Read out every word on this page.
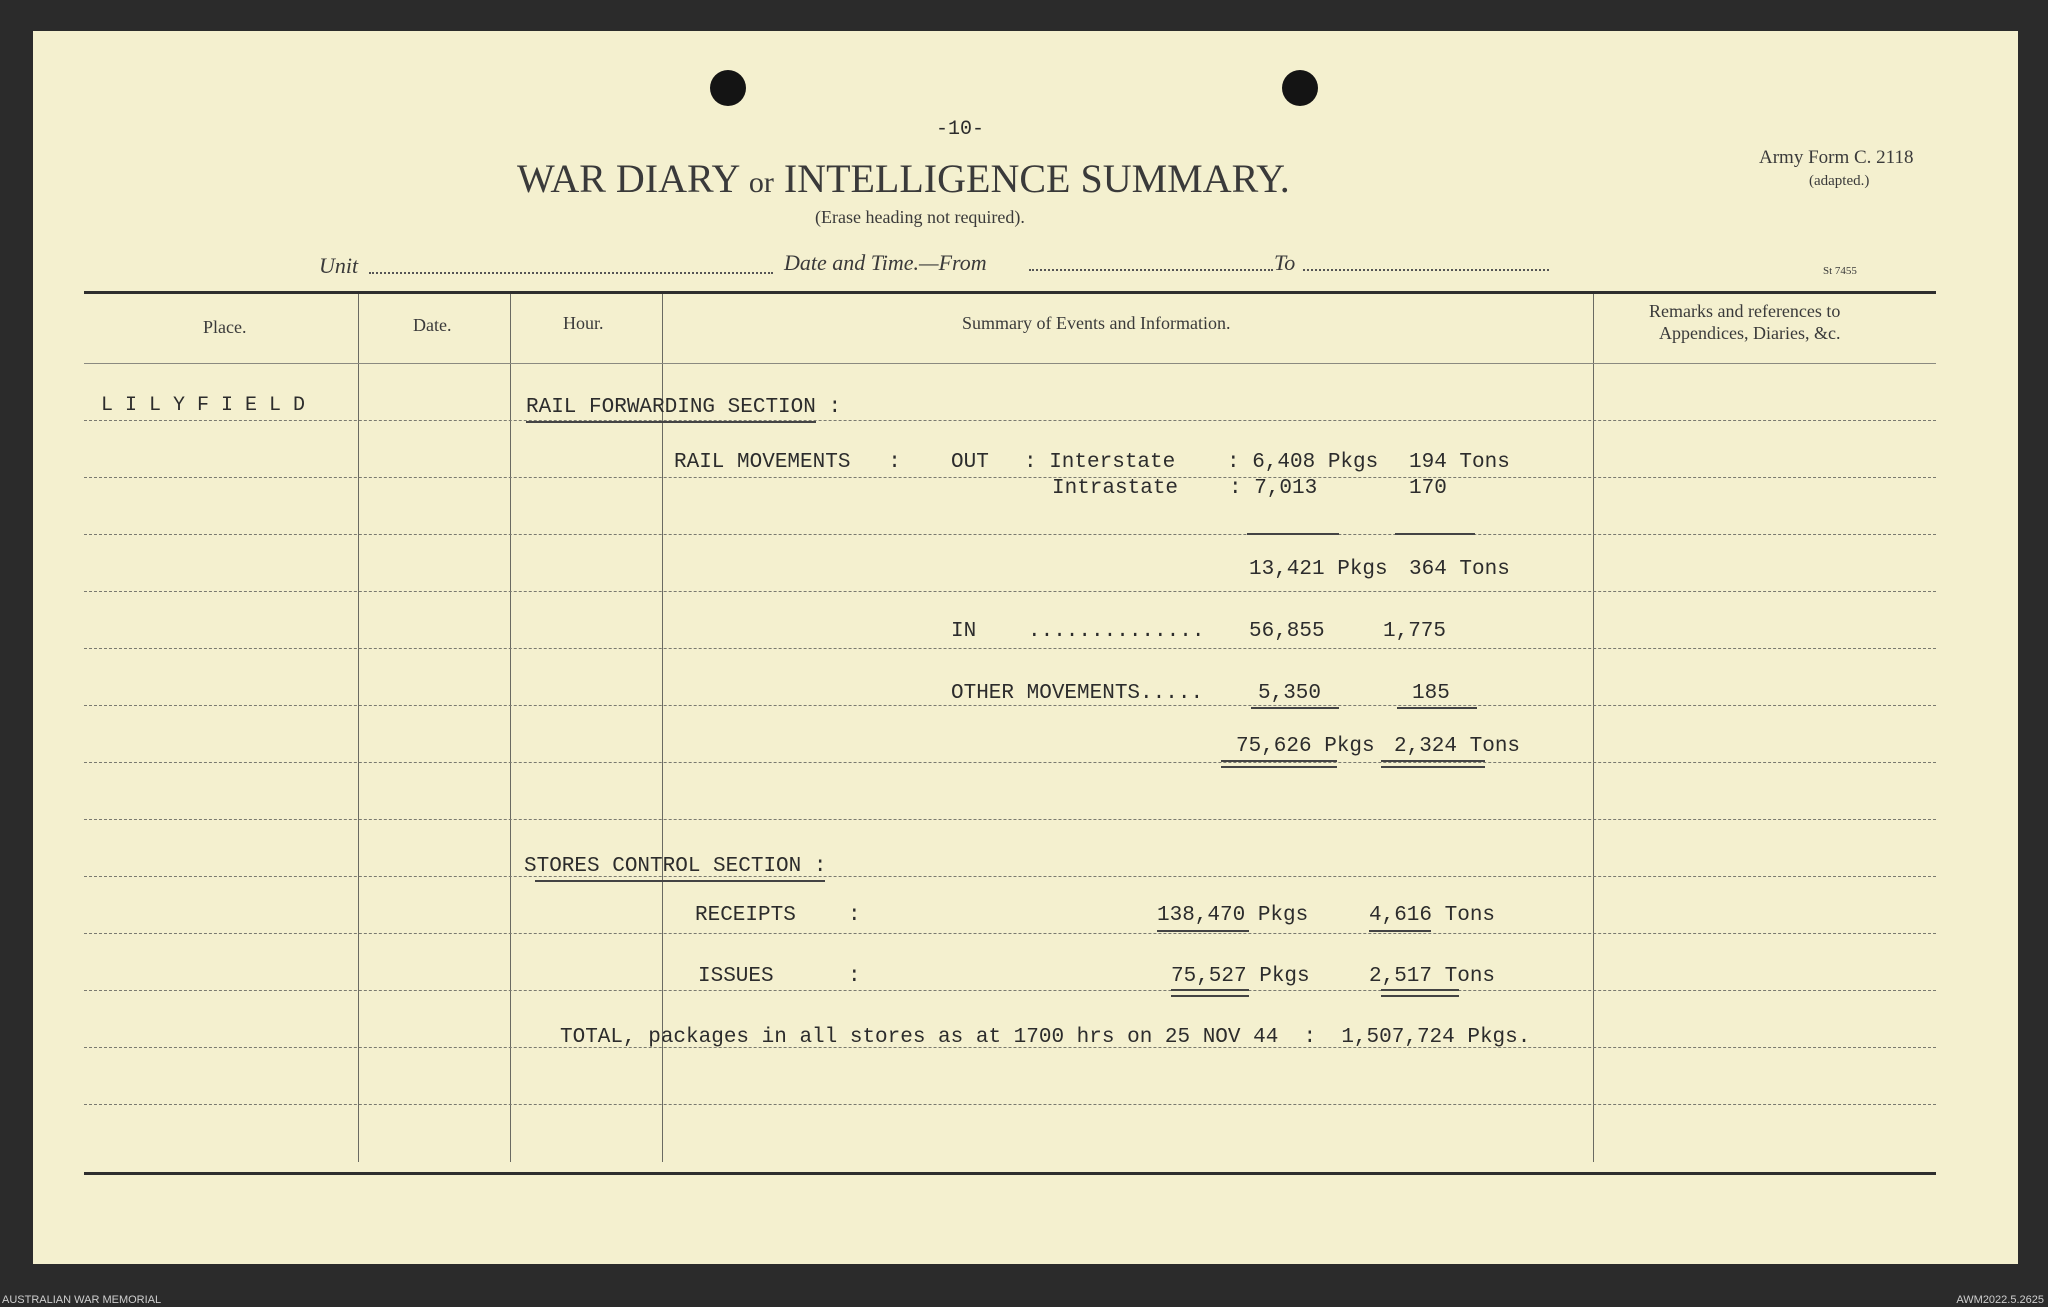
-10-
WAR DIARY or INTELLIGENCE SUMMARY.
(Erase heading not required).
Army Form C. 2118
(adapted.)
Unit	Date and Time.—From	To	St 7455
Place.	Date.	Hour.	Summary of Events and Information.
Remarks and references to
Appendices, Diaries, &c.
L I L Y F I E L D	RAIL FORWARDING SECTION :
RAIL MOVEMENTS   : OUT : Interstate : 6,408 Pkgs 194 Tons
Intrastate : 7,013	170
13,421 Pkgs 364 Tons
IN .............. 56,855	1,775
OTHER MOVEMENTS.....	5,350	185
75,626 Pkgs 2,324 Tons
STORES CONTROL SECTION :
RECEIPTS :	138,470 Pkgs	4,616 Tons
ISSUES	:	75,527 Pkgs	2,517 Tons
TOTAL, packages in all stores as at 1700 hrs on 25 NOV 44  :  1,507,724 Pkgs.
AUSTRALIAN WAR MEMORIAL	AWM2022.5.2625
